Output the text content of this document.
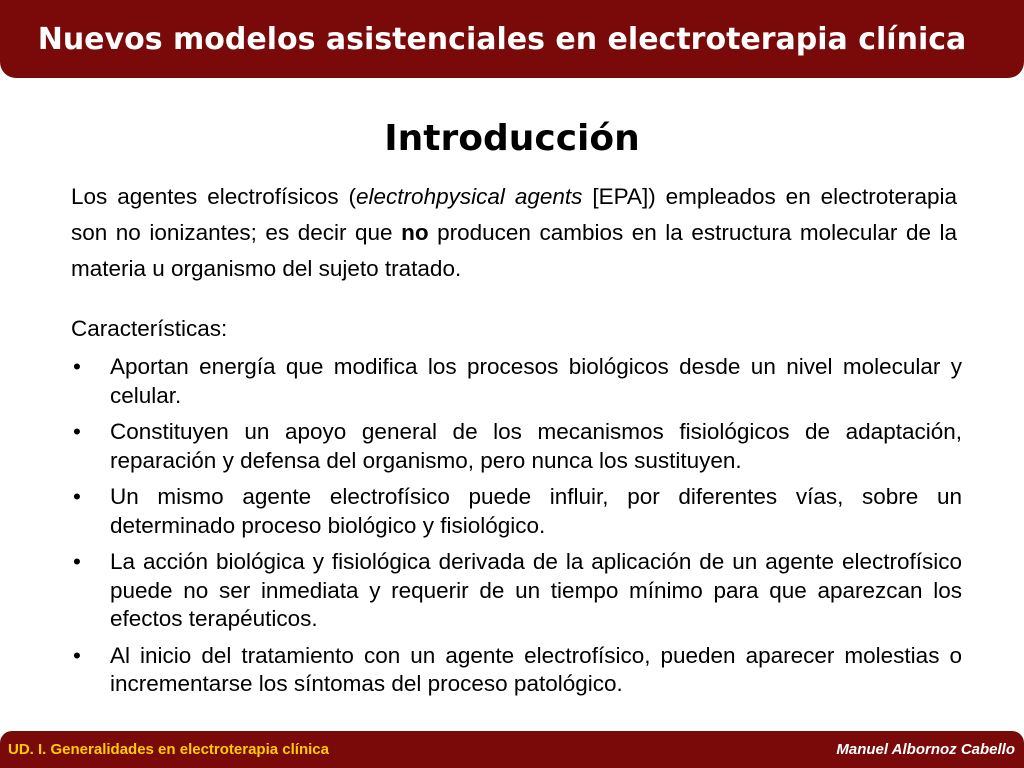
Nuevos modelos asistenciales en electroterapia clínica
Introducción
Los agentes electrofísicos (electrohpysical agents [EPA]) empleados en electroterapia
son no ionizantes; es decir que no producen cambios en la estructura molecular de la
materia u organismo del sujeto tratado.
Características:
• Aportan energía que modifica los procesos biológicos desde un nivel molecular y
celular.
• Constituyen un apoyo general de los mecanismos fisiológicos de adaptación,
reparación y defensa del organismo, pero nunca los sustituyen.
• Un mismo agente electrofísico puede influir, por diferentes vías, sobre un
determinado proceso biológico y fisiológico.
• La acción biológica y fisiológica derivada de la aplicación de un agente electrofísico
puede no ser inmediata y requerir de un tiempo mínimo para que aparezcan los
efectos terapéuticos.
• Al inicio del tratamiento con un agente electrofísico, pueden aparecer molestias o
incrementarse los síntomas del proceso patológico.
UD. I. Generalidades en electroterapia clínica	Manuel Albornoz Cabello
